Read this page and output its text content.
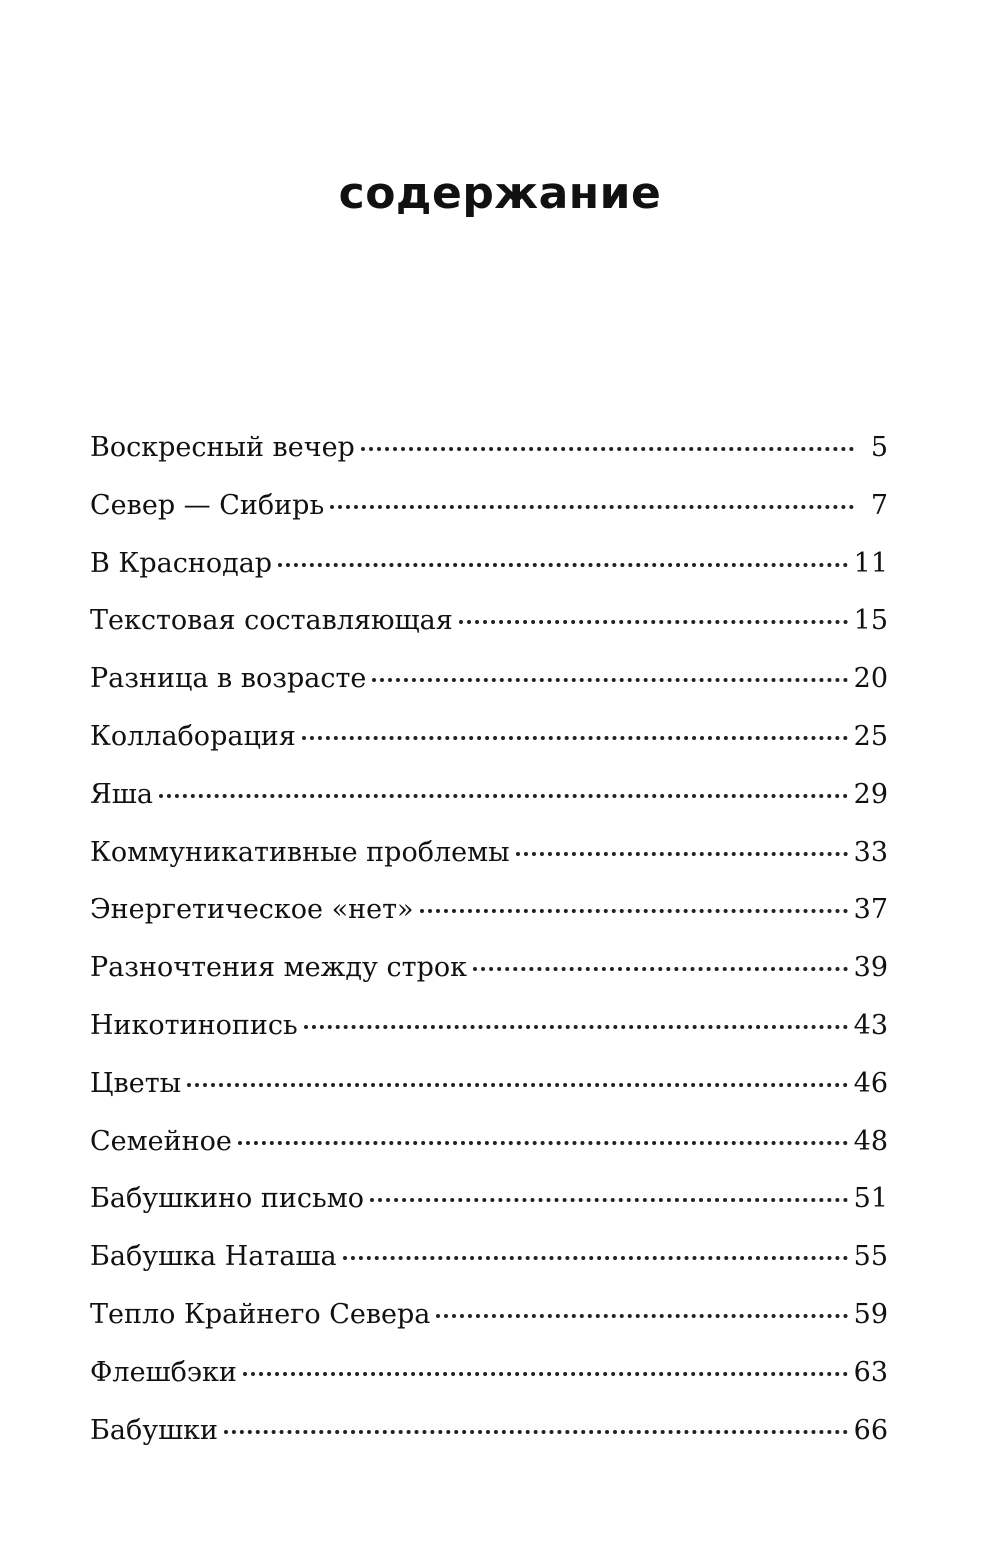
содержание
Воскресный вечер	5
Север — Сибирь	7
В Краснодар	11
Текстовая составляющая	15
Разница в возрасте	20
Коллаборация	25
Яша	29
Коммуникативные проблемы	33
Энергетическое «нет»	37
Разночтения между строк	39
Никотинопись	43
Цветы	46
Семейное	48
Бабушкино письмо	51
Бабушка Наташа	55
Тепло Крайнего Севера	59
Флешбэки	63
Бабушки	66
